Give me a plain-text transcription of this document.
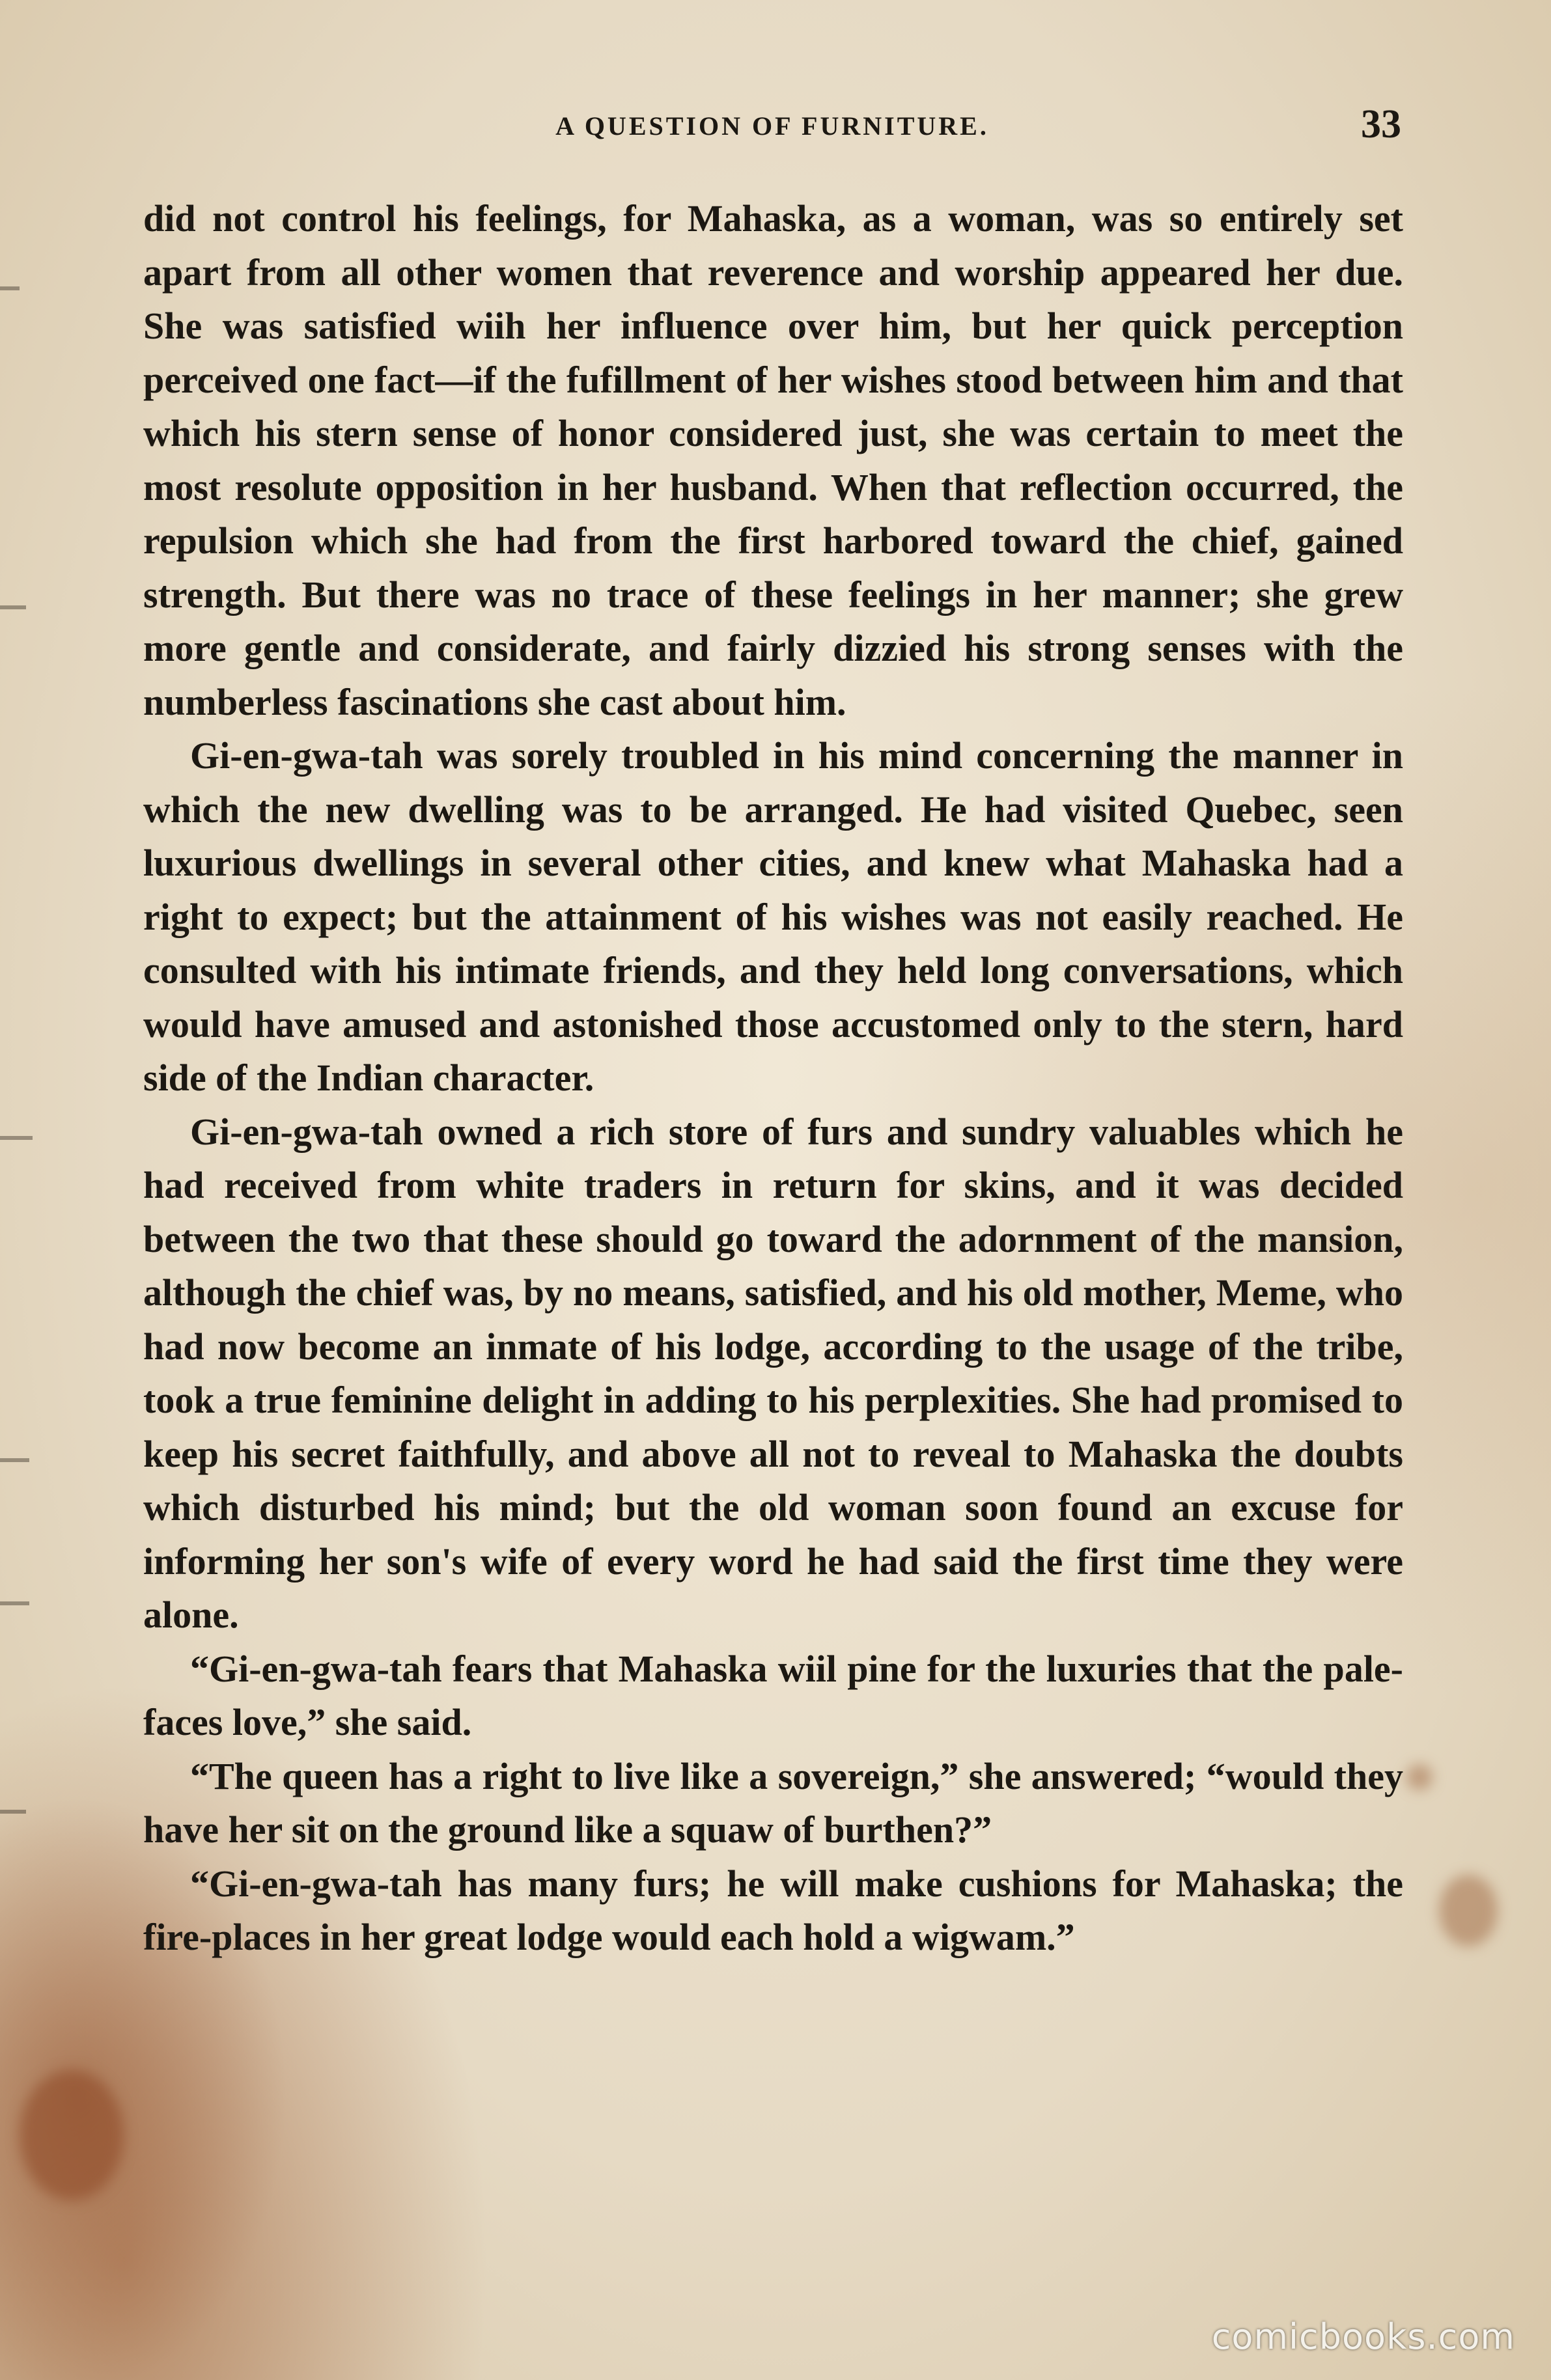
A QUESTION OF FURNITURE.	33

did not control his feelings, for Mahaska, as a woman, was so entirely set apart from all other women that reverence and worship appeared her due. She was satisfied wiih her influence over him, but her quick perception perceived one fact—if the fufillment of her wishes stood between him and that which his stern sense of honor considered just, she was certain to meet the most resolute opposition in her husband. When that reflection occurred, the repulsion which she had from the first harbored toward the chief, gained strength. But there was no trace of these feelings in her manner; she grew more gentle and considerate, and fairly dizzied his strong senses with the numberless fascinations she cast about him.

Gi-en-gwa-tah was sorely troubled in his mind concerning the manner in which the new dwelling was to be arranged. He had visited Quebec, seen luxurious dwellings in several other cities, and knew what Mahaska had a right to expect; but the attainment of his wishes was not easily reached. He consulted with his intimate friends, and they held long conversations, which would have amused and astonished those accustomed only to the stern, hard side of the Indian character.

Gi-en-gwa-tah owned a rich store of furs and sundry valuables which he had received from white traders in return for skins, and it was decided between the two that these should go toward the adornment of the mansion, although the chief was, by no means, satisfied, and his old mother, Meme, who had now become an inmate of his lodge, according to the usage of the tribe, took a true feminine delight in adding to his perplexities. She had promised to keep his secret faithfully, and above all not to reveal to Mahaska the doubts which disturbed his mind; but the old woman soon found an excuse for informing her son's wife of every word he had said the first time they were alone.

“Gi-en-gwa-tah fears that Mahaska wiil pine for the luxuries that the pale-faces love,” she said.

“The queen has a right to live like a sovereign,” she answered; “would they have her sit on the ground like a squaw of burthen?”

“Gi-en-gwa-tah has many furs; he will make cushions for Mahaska; the fire-places in her great lodge would each hold a wigwam.”

comicbooks.com
